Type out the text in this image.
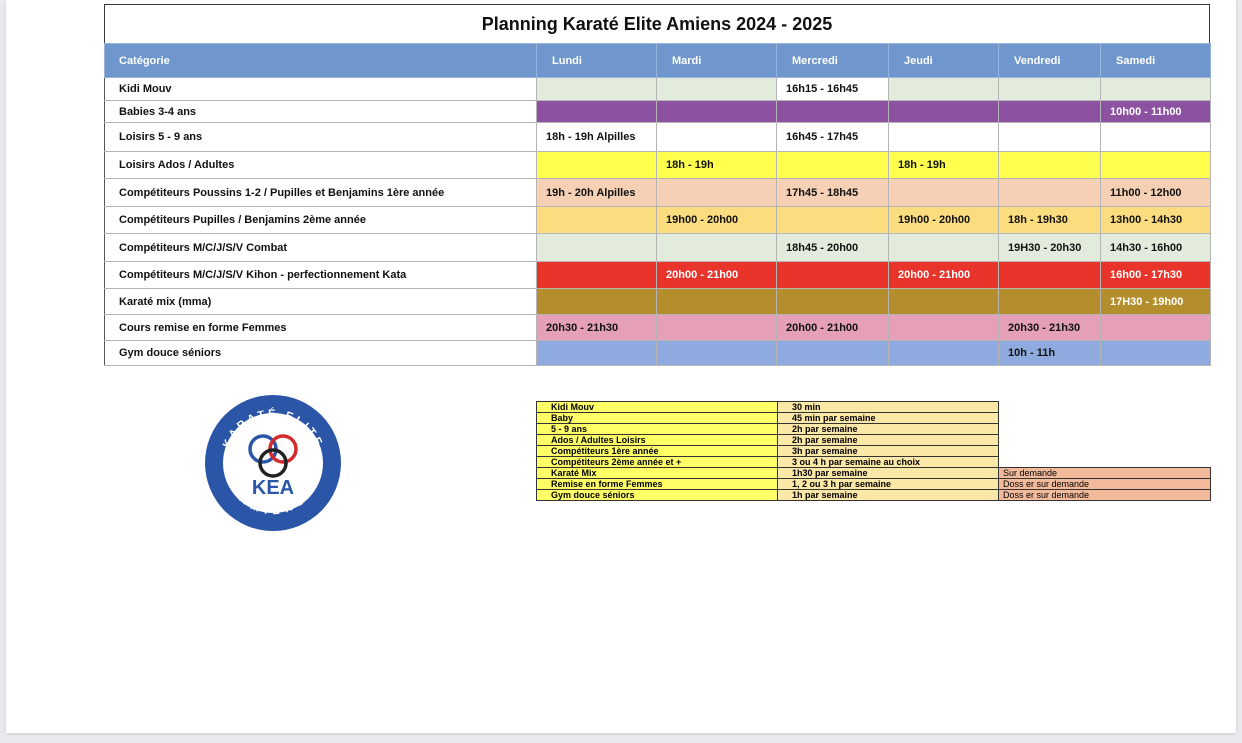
Planning Karaté Elite Amiens 2024 - 2025
Catégorie	Lundi	Mardi	Mercredi	Jeudi	Vendredi	Samedi
Kidi Mouv			16h15 - 16h45			
Babies 3-4 ans						10h00 - 11h00
Loisirs 5 - 9 ans	18h - 19h Alpilles		16h45 - 17h45			
Loisirs Ados / Adultes		18h - 19h		18h - 19h		
Compétiteurs Poussins 1-2 / Pupilles et Benjamins 1ère année	19h - 20h Alpilles		17h45 - 18h45			11h00 - 12h00
Compétiteurs Pupilles / Benjamins 2ème année		19h00 - 20h00		19h00 - 20h00	18h - 19h30	13h00 - 14h30
Compétiteurs M/C/J/S/V Combat			18h45 - 20h00		19H30 - 20h30	14h30 - 16h00
Compétiteurs M/C/J/S/V Kihon - perfectionnement Kata		20h00 - 21h00		20h00 - 21h00		16h00 - 17h30
Karaté mix (mma)						17H30 - 19h00
Cours remise en forme Femmes	20h30 - 21h30		20h00 - 21h00		20h30 - 21h30	
Gym douce séniors					10h - 11h	
KARATÉ ELITE
AMIENS
KEA
Kidi Mouv	30 min	
Baby	45 min par semaine	
5 - 9 ans	2h par semaine	
Ados / Adultes Loisirs	2h par semaine	
Compétiteurs 1ère année	3h par semaine	
Compétiteurs 2ème année et +	3 ou 4 h par semaine au choix	
Karaté Mix	1h30 par semaine	Sur demande
Remise en forme Femmes	1, 2 ou 3 h par semaine	Doss er sur demande
Gym douce séniors	1h par semaine	Doss er sur demande
